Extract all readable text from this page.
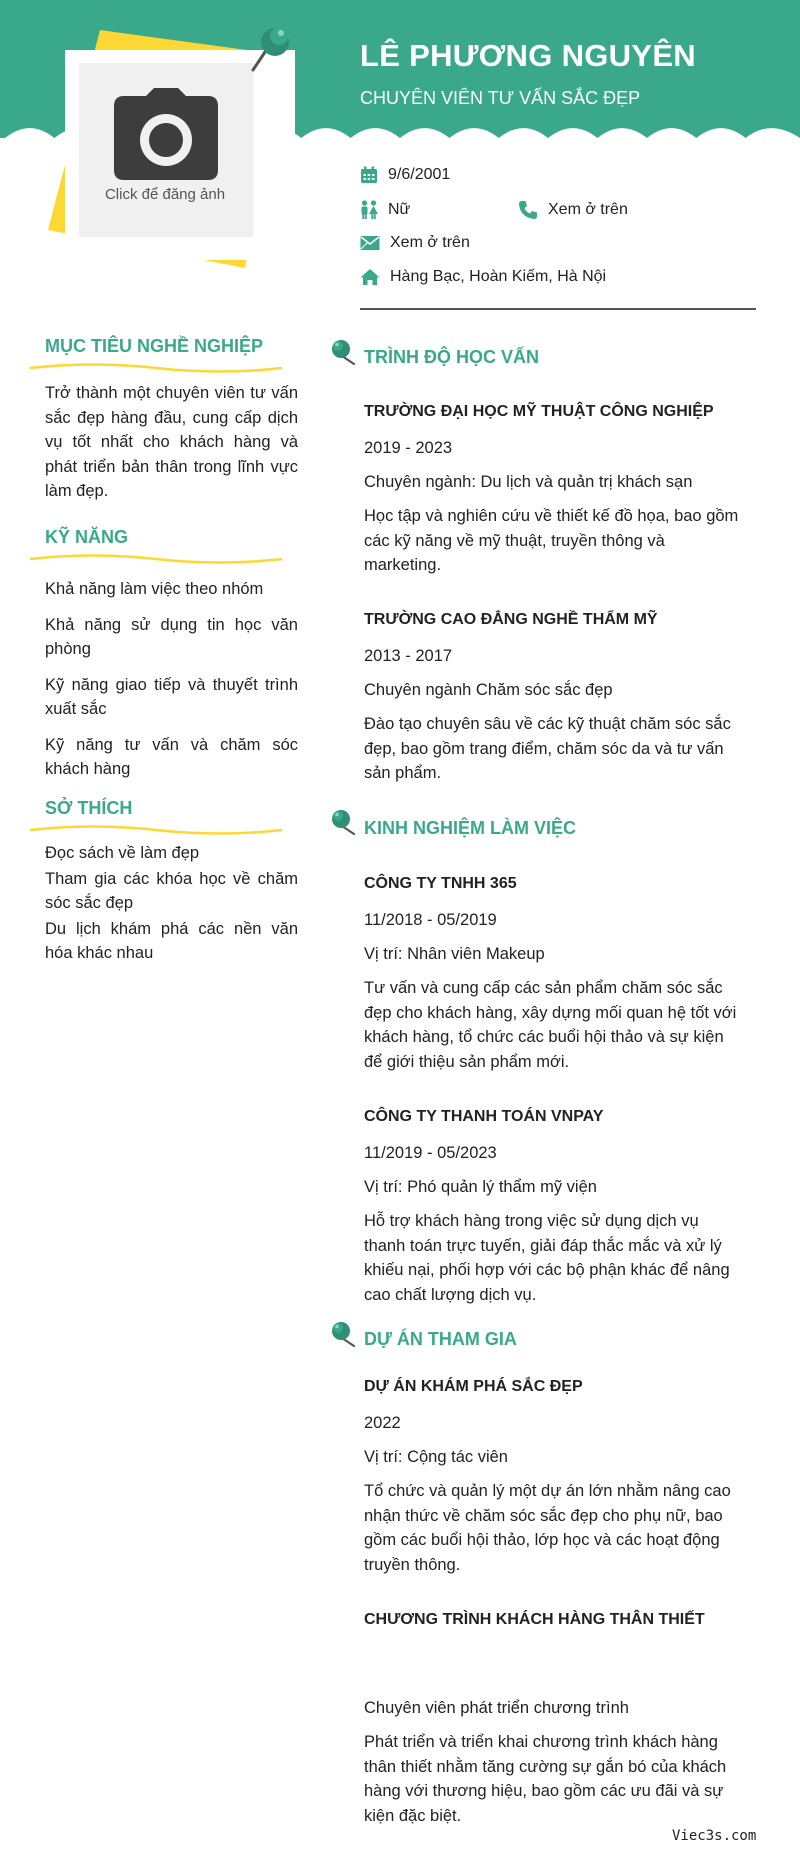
Click để đăng ảnh
LÊ PHƯƠNG NGUYÊN
CHUYÊN VIÊN TƯ VẤN SẮC ĐẸP
9/6/2001
Nữ	Xem ở trên
Xem ở trên
Hàng Bạc, Hoàn Kiếm, Hà Nội
MỤC TIÊU NGHỀ NGHIỆP
Trở thành một chuyên viên tư vấn sắc đẹp hàng đầu, cung cấp dịch vụ tốt nhất cho khách hàng và phát triển bản thân trong lĩnh vực làm đẹp.
KỸ NĂNG
Khả năng làm việc theo nhóm
Khả năng sử dụng tin học văn phòng
Kỹ năng giao tiếp và thuyết trình xuất sắc
Kỹ năng tư vấn và chăm sóc khách hàng
SỞ THÍCH
Đọc sách về làm đẹp
Tham gia các khóa học về chăm sóc sắc đẹp
Du lịch khám phá các nền văn hóa khác nhau
TRÌNH ĐỘ HỌC VẤN
TRƯỜNG ĐẠI HỌC MỸ THUẬT CÔNG NGHIỆP
2019 - 2023
Chuyên ngành: Du lịch và quản trị khách sạn
Học tập và nghiên cứu về thiết kế đồ họa, bao gồm các kỹ năng về mỹ thuật, truyền thông và marketing.
TRƯỜNG CAO ĐẲNG NGHỀ THẨM MỸ
2013 - 2017
Chuyên ngành Chăm sóc sắc đẹp
Đào tạo chuyên sâu về các kỹ thuật chăm sóc sắc đẹp, bao gồm trang điểm, chăm sóc da và tư vấn sản phẩm.
KINH NGHIỆM LÀM VIỆC
CÔNG TY TNHH 365
11/2018 - 05/2019
Vị trí: Nhân viên Makeup
Tư vấn và cung cấp các sản phẩm chăm sóc sắc đẹp cho khách hàng, xây dựng mối quan hệ tốt với khách hàng, tổ chức các buổi hội thảo và sự kiện để giới thiệu sản phẩm mới.
CÔNG TY THANH TOÁN VNPAY
11/2019 - 05/2023
Vị trí: Phó quản lý thẩm mỹ viện
Hỗ trợ khách hàng trong việc sử dụng dịch vụ thanh toán trực tuyến, giải đáp thắc mắc và xử lý khiếu nại, phối hợp với các bộ phận khác để nâng cao chất lượng dịch vụ.
DỰ ÁN THAM GIA
DỰ ÁN KHÁM PHÁ SẮC ĐẸP
2022
Vị trí: Cộng tác viên
Tổ chức và quản lý một dự án lớn nhằm nâng cao nhận thức về chăm sóc sắc đẹp cho phụ nữ, bao gồm các buổi hội thảo, lớp học và các hoạt động truyền thông.
CHƯƠNG TRÌNH KHÁCH HÀNG THÂN THIẾT
Chuyên viên phát triển chương trình
Phát triển và triển khai chương trình khách hàng thân thiết nhằm tăng cường sự gắn bó của khách hàng với thương hiệu, bao gồm các ưu đãi và sự kiện đặc biệt.
Viec3s.com
